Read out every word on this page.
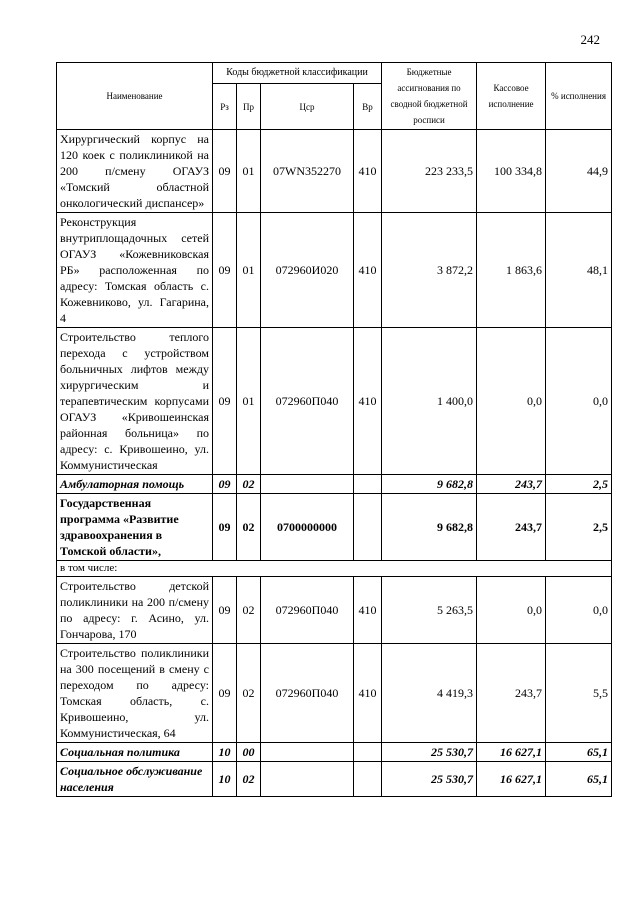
242
Наименование	Коды бюджетной классификации				Бюджетные ассигнования по сводной бюджетной росписи	Кассовое исполнение	% исполнения
	Рз	Пр	Цср	Вр			
Хирургический корпус на 120 коек с поликлиникой на 200 п/смену ОГАУЗ «Томский областной онкологический диспансер»	09	01	07WN352270	410	223 233,5	100 334,8	44,9
Реконструкция внутриплощадочных сетей ОГАУЗ «Кожевниковская РБ» расположенная по адресу: Томская область с. Кожевниково, ул. Гагарина, 4	09	01	072960И020	410	3 872,2	1 863,6	48,1
Строительство теплого перехода с устройством больничных лифтов между хирургическим и терапевтическим корпусами ОГАУЗ «Кривошеинская районная больница» по адресу: с. Кривошеино, ул. Коммунистическая	09	01	072960П040	410	1 400,0	0,0	0,0
Амбулаторная помощь	09	02			9 682,8	243,7	2,5
Государственная программа «Развитие здравоохранения в Томской области»,	09	02	0700000000		9 682,8	243,7	2,5
в том числе:							
Строительство детской поликлиники на 200 п/смену по адресу: г. Асино, ул. Гончарова, 170	09	02	072960П040	410	5 263,5	0,0	0,0
Строительство поликлиники на 300 посещений в смену с переходом по адресу: Томская область, с. Кривошеино, ул. Коммунистическая, 64	09	02	072960П040	410	4 419,3	243,7	5,5
Социальная политика	10	00			25 530,7	16 627,1	65,1
Социальное обслуживание населения	10	02			25 530,7	16 627,1	65,1
